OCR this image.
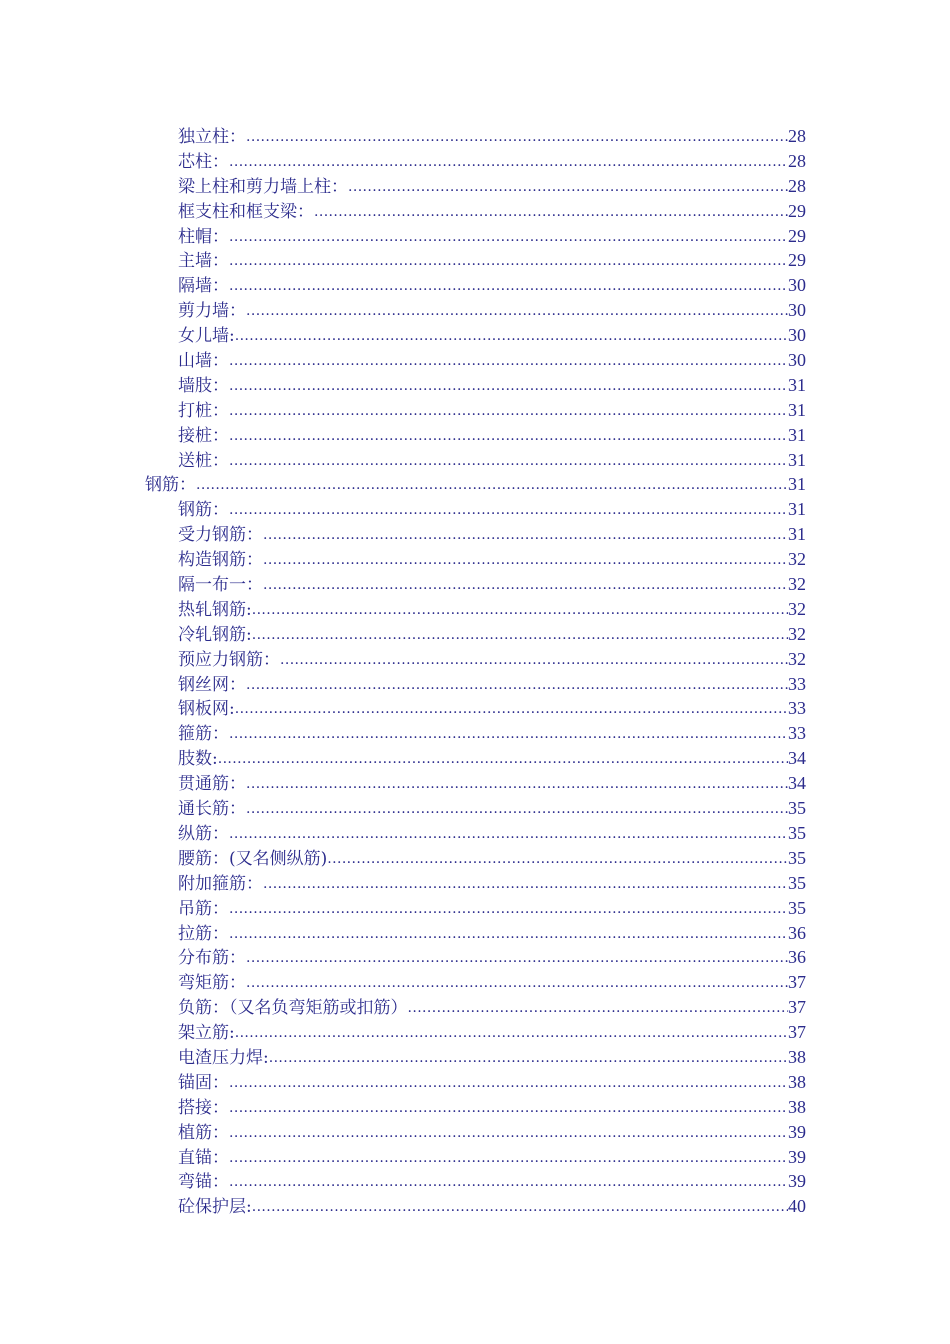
独立柱： .....	28
芯柱： .....	28
梁上柱和剪力墙上柱： .....	28
框支柱和框支梁： .....	29
柱帽： .....	29
主墙： .....	29
隔墙： .....	30
剪力墙： .....	30
女儿墙: .....	30
山墙： .....	30
墙肢： .....	31
打桩： .....	31
接桩： .....	31
送桩： .....	31
钢筋： .....	31
钢筋： .....	31
受力钢筋： .....	31
构造钢筋： .....	32
隔一布一： .....	32
热轧钢筋: .....	32
冷轧钢筋: .....	32
预应力钢筋： .....	32
钢丝网： .....	33
钢板网: .....	33
箍筋： .....	33
肢数: .....	34
贯通筋： .....	34
通长筋： .....	35
纵筋： .....	35
腰筋：(又名侧纵筋) .....	35
附加箍筋： .....	35
吊筋： .....	35
拉筋： .....	36
分布筋： .....	36
弯矩筋： .....	37
负筋：（又名负弯矩筋或扣筋） .....	37
架立筋: .....	37
电渣压力焊: .....	38
锚固： .....	38
搭接： .....	38
植筋： .....	39
直锚： .....	39
弯锚： .....	39
砼保护层: .....	40
